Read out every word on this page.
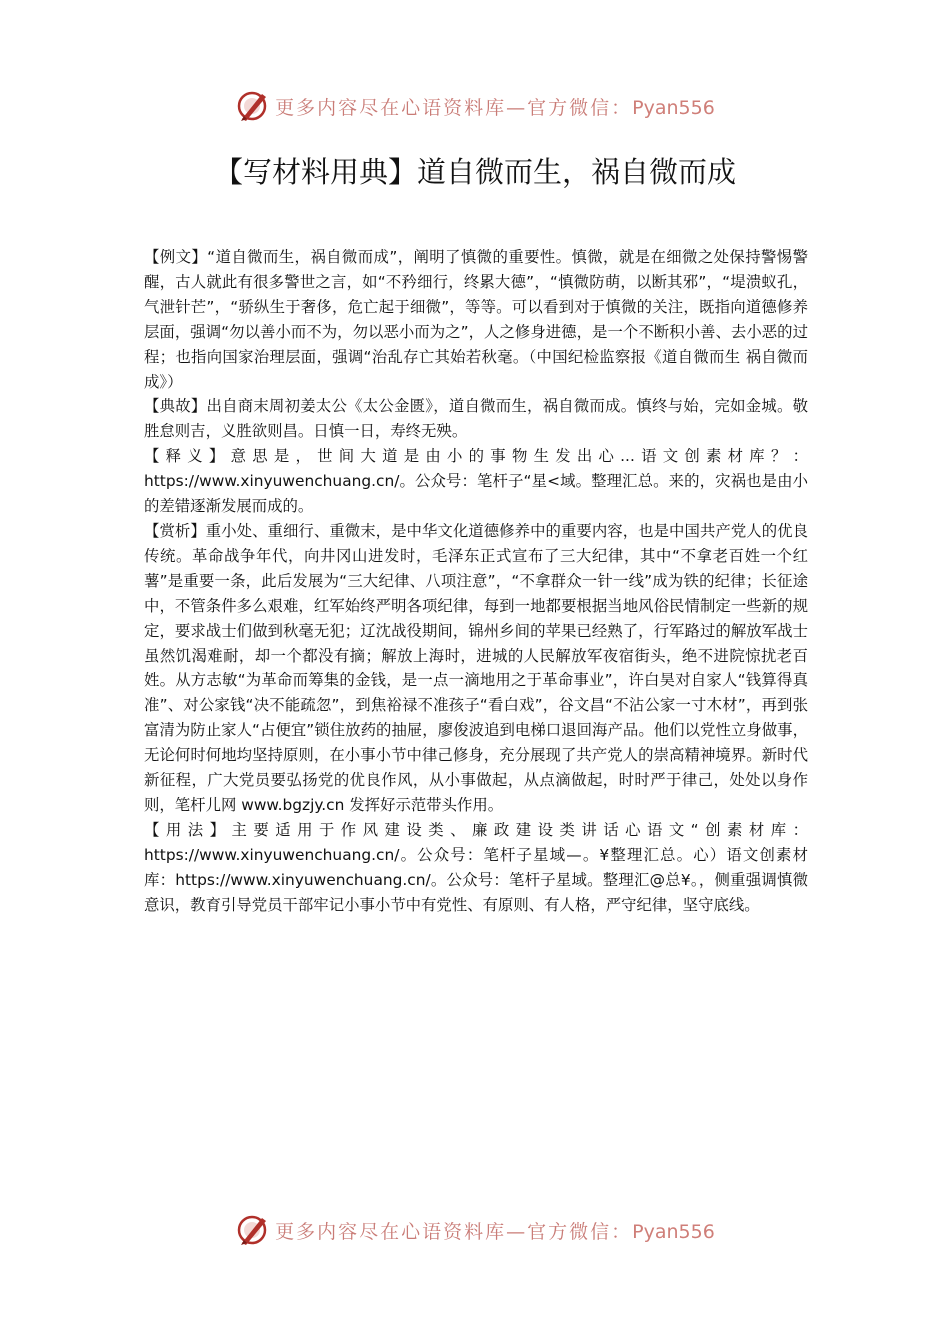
更多内容尽在心语资料库—官方微信：Pyan556
【写材料用典】道自微而生，祸自微而成

【例文】“道自微而生，祸自微而成”，阐明了慎微的重要性。慎微，就是在细微之处保持警惕警醒，古人就此有很多警世之言，如“不矜细行，终累大德”，“慎微防萌，以断其邪”，“堤溃蚁孔，气泄针芒”，“骄纵生于奢侈，危亡起于细微”，等等。可以看到对于慎微的关注，既指向道德修养层面，强调“勿以善小而不为，勿以恶小而为之”，人之修身进德，是一个不断积小善、去小恶的过程；也指向国家治理层面，强调“治乱存亡其始若秋毫。（中国纪检监察报《道自微而生 祸自微而成》）

【典故】出自商末周初姜太公《太公金匮》，道自微而生，祸自微而成。慎终与始，完如金城。敬胜怠则吉，义胜欲则昌。日慎一日，寿终无殃。

【释义】意思是，世间大道是由小的事物生发出心...语文创素材库？：https://www.xinyuwenchuang.cn/。公众号：笔杆子“星<域。整理汇总。来的，灾祸也是由小的差错逐渐发展而成的。

【赏析】重小处、重细行、重微末，是中华文化道德修养中的重要内容，也是中国共产党人的优良传统。革命战争年代，向井冈山进发时，毛泽东正式宣布了三大纪律，其中“不拿老百姓一个红薯”是重要一条，此后发展为“三大纪律、八项注意”，“不拿群众一针一线”成为铁的纪律；长征途中，不管条件多么艰难，红军始终严明各项纪律，每到一地都要根据当地风俗民情制定一些新的规定，要求战士们做到秋毫无犯；辽沈战役期间，锦州乡间的苹果已经熟了，行军路过的解放军战士虽然饥渴难耐，却一个都没有摘；解放上海时，进城的人民解放军夜宿街头，绝不进院惊扰老百姓。从方志敏“为革命而筹集的金钱，是一点一滴地用之于革命事业”，许白昊对自家人“钱算得真准”、对公家钱“决不能疏忽”，到焦裕禄不准孩子“看白戏”，谷文昌“不沾公家一寸木材”，再到张富清为防止家人“占便宜”锁住放药的抽屉，廖俊波追到电梯口退回海产品。他们以党性立身做事，无论何时何地均坚持原则，在小事小节中律己修身，充分展现了共产党人的崇高精神境界。新时代新征程，广大党员要弘扬党的优良作风，从小事做起，从点滴做起，时时严于律己，处处以身作则，笔杆儿网 www.bgzjy.cn 发挥好示范带头作用。

【用法】主要适用于作风建设类、廉政建设类讲话心语文“创素材库：https://www.xinyuwenchuang.cn/。公众号：笔杆子星域—。¥整理汇总。心）语文创素材库：https://www.xinyuwenchuang.cn/。公众号：笔杆子星域。整理汇@总¥。，侧重强调慎微意识，教育引导党员干部牢记小事小节中有党性、有原则、有人格，严守纪律，坚守底线。

更多内容尽在心语资料库—官方微信：Pyan556
